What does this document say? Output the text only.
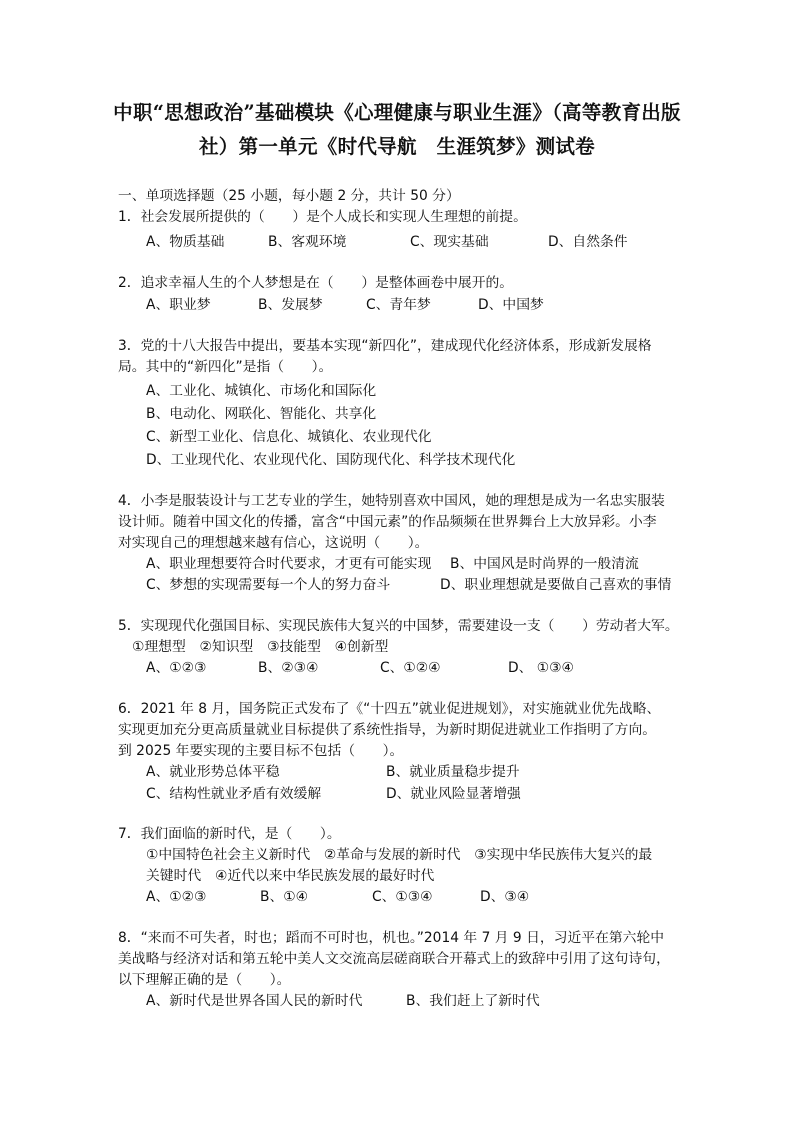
中职“思想政治”基础模块《心理健康与职业生涯》（高等教育出版
社）第一单元《时代导航　生涯筑梦》测试卷
一、单项选择题（25 小题，每小题 2 分，共计 50 分）
1．社会发展所提供的（　　）是个人成长和实现人生理想的前提。
A、物质基础	B、客观环境	C、现实基础	D、自然条件
2．追求幸福人生的个人梦想是在（　　）是整体画卷中展开的。
A、职业梦	B、发展梦	C、青年梦	D、中国梦
3．党的十八大报告中提出，要基本实现“新四化”，建成现代化经济体系，形成新发展格
局。其中的“新四化”是指（　　）。
A、工业化、城镇化、市场化和国际化
B、电动化、网联化、智能化、共享化
C、新型工业化、信息化、城镇化、农业现代化
D、工业现代化、农业现代化、国防现代化、科学技术现代化
4．小李是服装设计与工艺专业的学生，她特别喜欢中国风，她的理想是成为一名忠实服装
设计师。随着中国文化的传播，富含“中国元素”的作品频频在世界舞台上大放异彩。小李
对实现自己的理想越来越有信心，这说明（　　）。
A、职业理想要符合时代要求，才更有可能实现 B、中国风是时尚界的一般清流
C、梦想的实现需要每一个人的努力奋斗	D、职业理想就是要做自己喜欢的事情
5．实现现代化强国目标、实现民族伟大复兴的中国梦，需要建设一支（　　）劳动者大军。
①理想型　②知识型　③技能型　④创新型
A、①②③	B、②③④	C、①②④	D、 ①③④
6．2021 年 8 月，国务院正式发布了《“十四五”就业促进规划》，对实施就业优先战略、
实现更加充分更高质量就业目标提供了系统性指导，为新时期促进就业工作指明了方向。
到 2025 年要实现的主要目标不包括（　　）。
A、就业形势总体平稳	B、就业质量稳步提升
C、结构性就业矛盾有效缓解	D、就业风险显著增强
7．我们面临的新时代，是（　　）。
①中国特色社会主义新时代　②革命与发展的新时代　③实现中华民族伟大复兴的最
关键时代　④近代以来中华民族发展的最好时代
A、①②③	B、①④	C、①③④	D、③④
8．“来而不可失者，时也；蹈而不可时也，机也。”2014 年 7 月 9 日，习近平在第六轮中
美战略与经济对话和第五轮中美人文交流高层磋商联合开幕式上的致辞中引用了这句诗句，
以下理解正确的是（　　）。
A、新时代是世界各国人民的新时代	B、我们赶上了新时代
